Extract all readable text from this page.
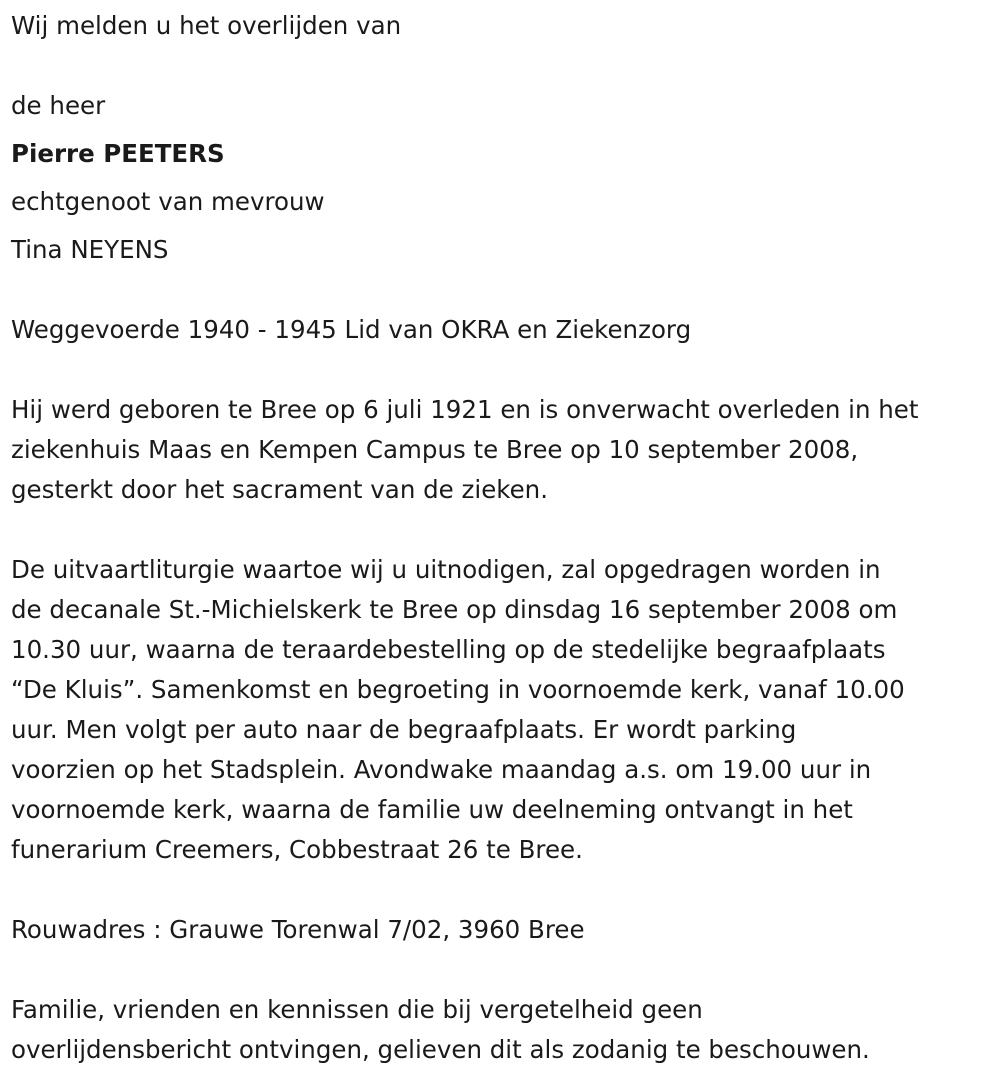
Wij melden u het overlijden van

de heer

Pierre PEETERS

echtgenoot van mevrouw

Tina NEYENS

Weggevoerde 1940 - 1945 Lid van OKRA en Ziekenzorg

Hij werd geboren te Bree op 6 juli 1921 en is onverwacht overleden in het
ziekenhuis Maas en Kempen Campus te Bree op 10 september 2008,
gesterkt door het sacrament van de zieken.
De uitvaartliturgie waartoe wij u uitnodigen, zal opgedragen worden in
de decanale St.-Michielskerk te Bree op dinsdag 16 september 2008 om
10.30 uur, waarna de teraardebestelling op de stedelijke begraafplaats
“De Kluis”. Samenkomst en begroeting in voornoemde kerk, vanaf 10.00
uur. Men volgt per auto naar de begraafplaats. Er wordt parking
voorzien op het Stadsplein. Avondwake maandag a.s. om 19.00 uur in
voornoemde kerk, waarna de familie uw deelneming ontvangt in het
funerarium Creemers, Cobbestraat 26 te Bree.

Rouwadres : Grauwe Torenwal 7/02, 3960 Bree

Familie, vrienden en kennissen die bij vergetelheid geen
overlijdensbericht ontvingen, gelieven dit als zodanig te beschouwen.
